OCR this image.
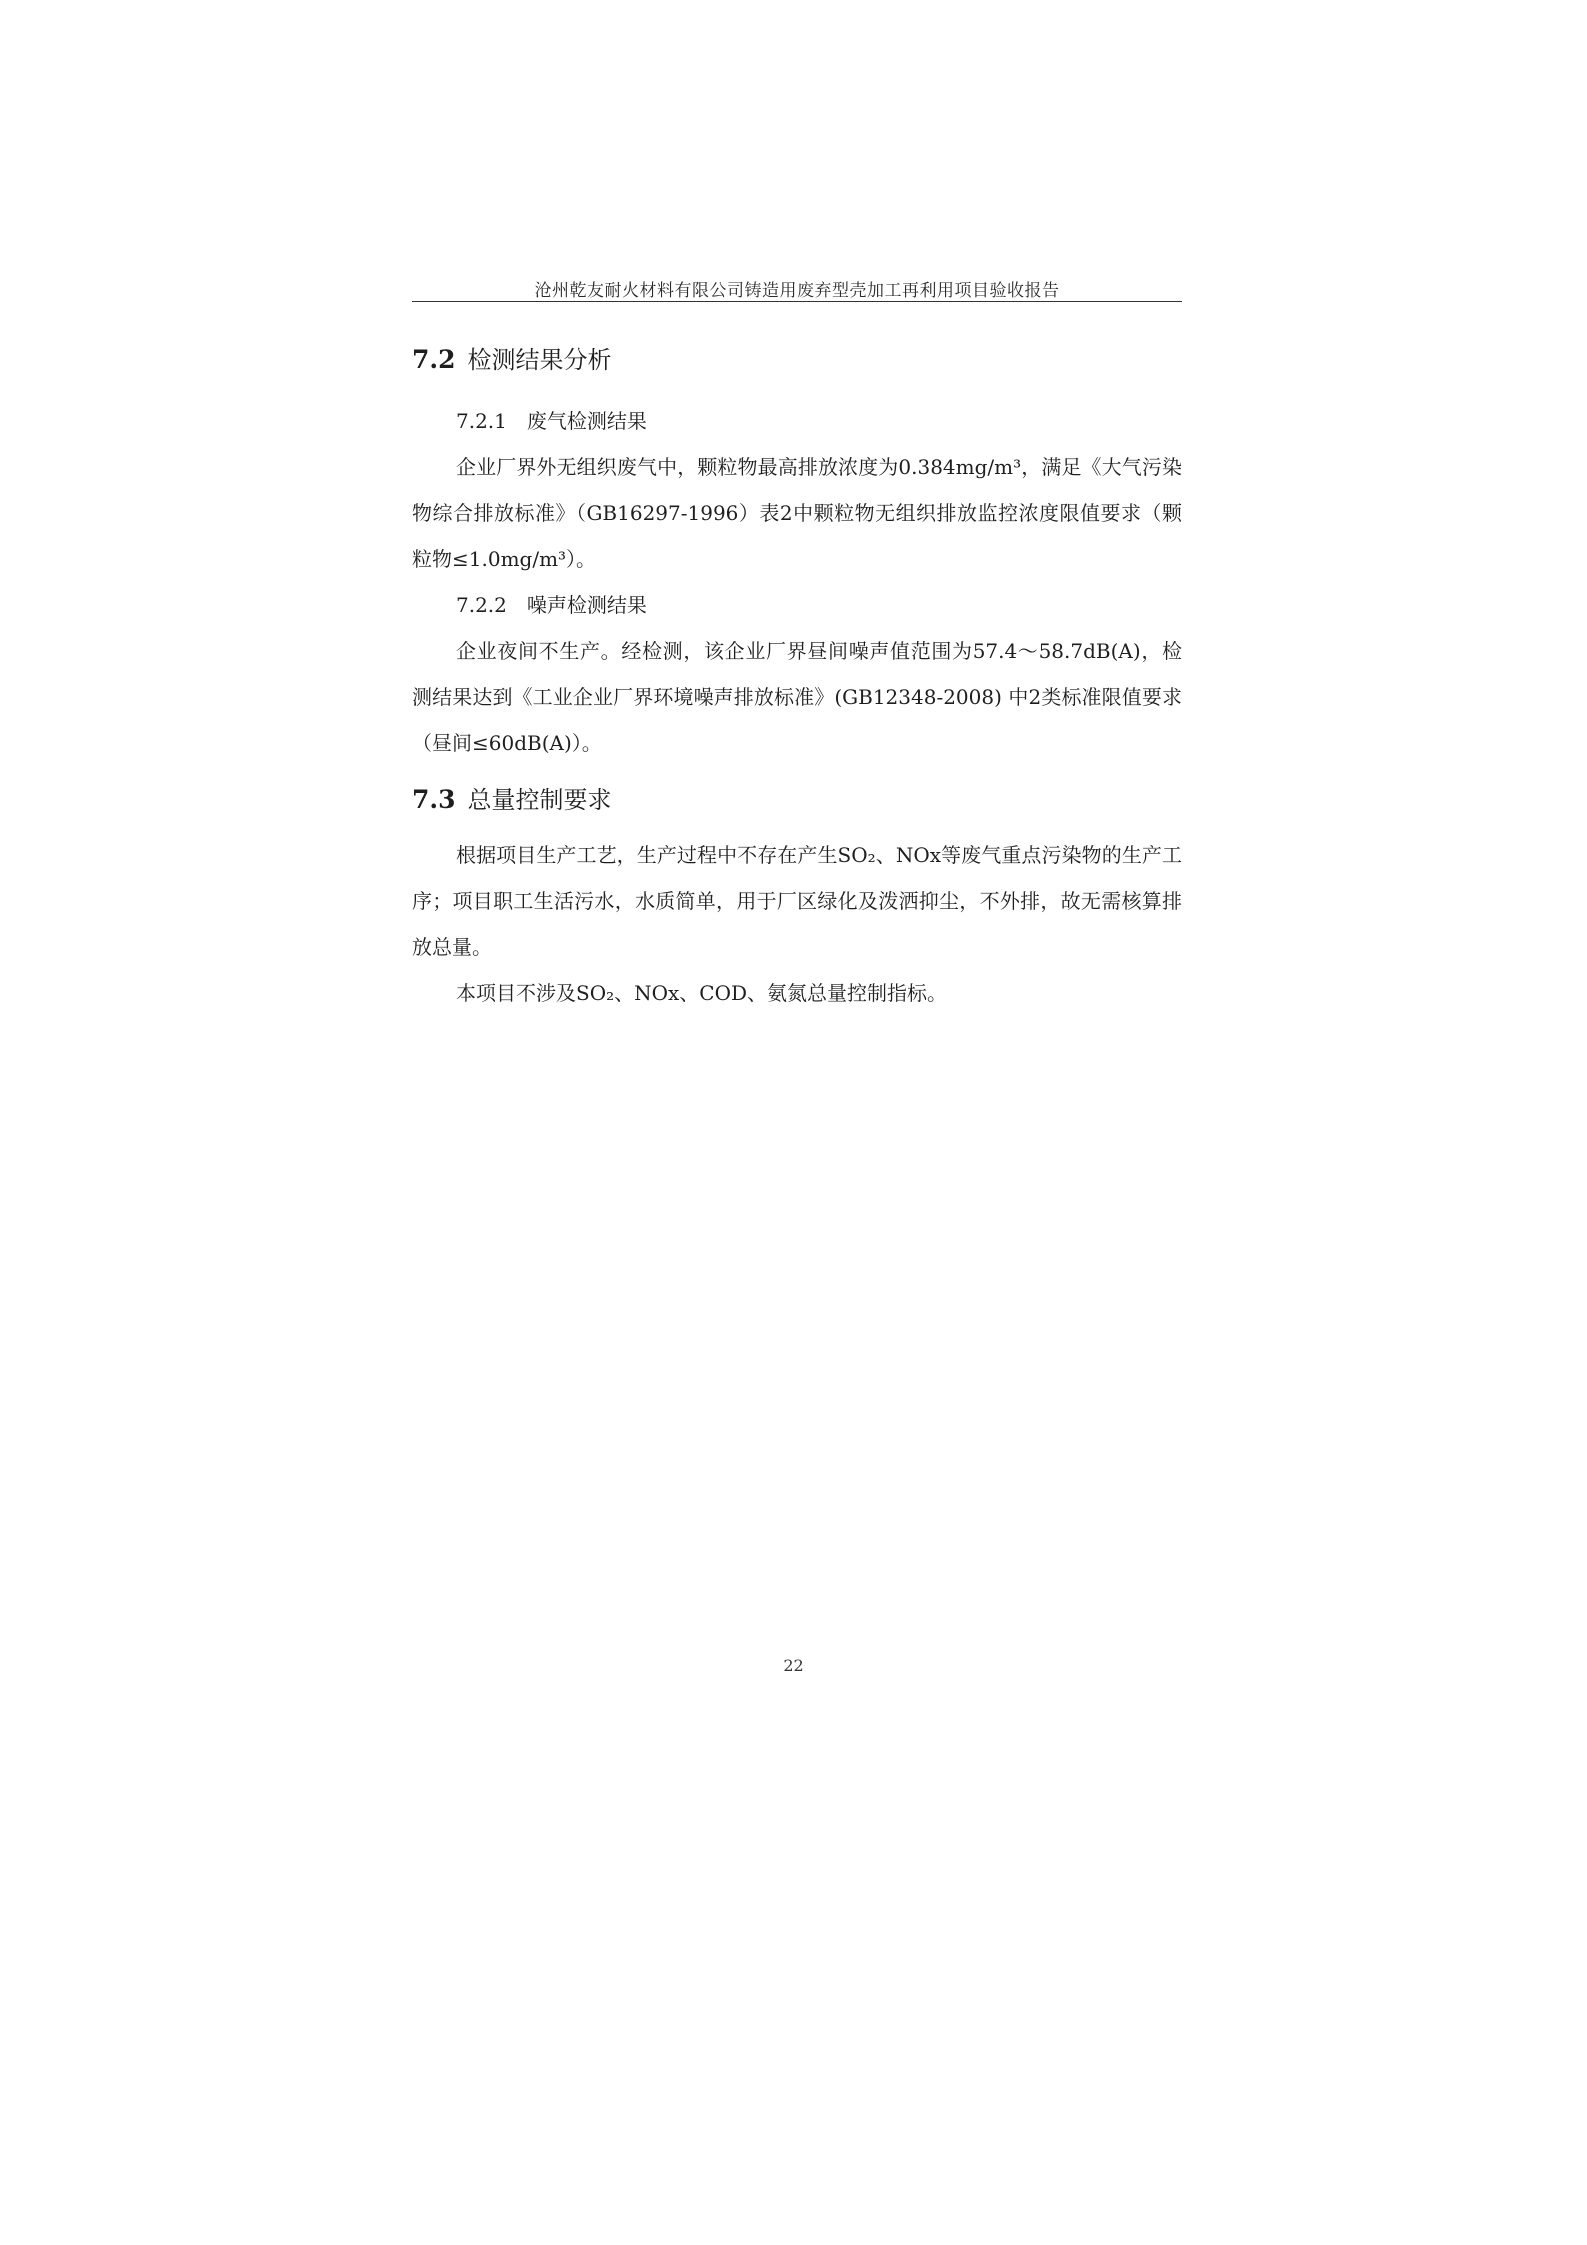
沧州乾友耐火材料有限公司铸造用废弃型壳加工再利用项目验收报告
7.2 检测结果分析
7.2.1 废气检测结果

企业厂界外无组织废气中，颗粒物最高排放浓度为0.384mg/m³，满足《大气污染物综合排放标准》（GB16297-1996）表2中颗粒物无组织排放监控浓度限值要求（颗粒物≤1.0mg/m³）。

7.2.2 噪声检测结果

企业夜间不生产。经检测，该企业厂界昼间噪声值范围为57.4～58.7dB(A)，检测结果达到《工业企业厂界环境噪声排放标准》(GB12348-2008) 中2类标准限值要求（昼间≤60dB(A)）。

7.3 总量控制要求

根据项目生产工艺，生产过程中不存在产生SO₂、NOx等废气重点污染物的生产工序；项目职工生活污水，水质简单，用于厂区绿化及泼洒抑尘，不外排，故无需核算排放总量。

本项目不涉及SO₂、NOx、COD、氨氮总量控制指标。

22
